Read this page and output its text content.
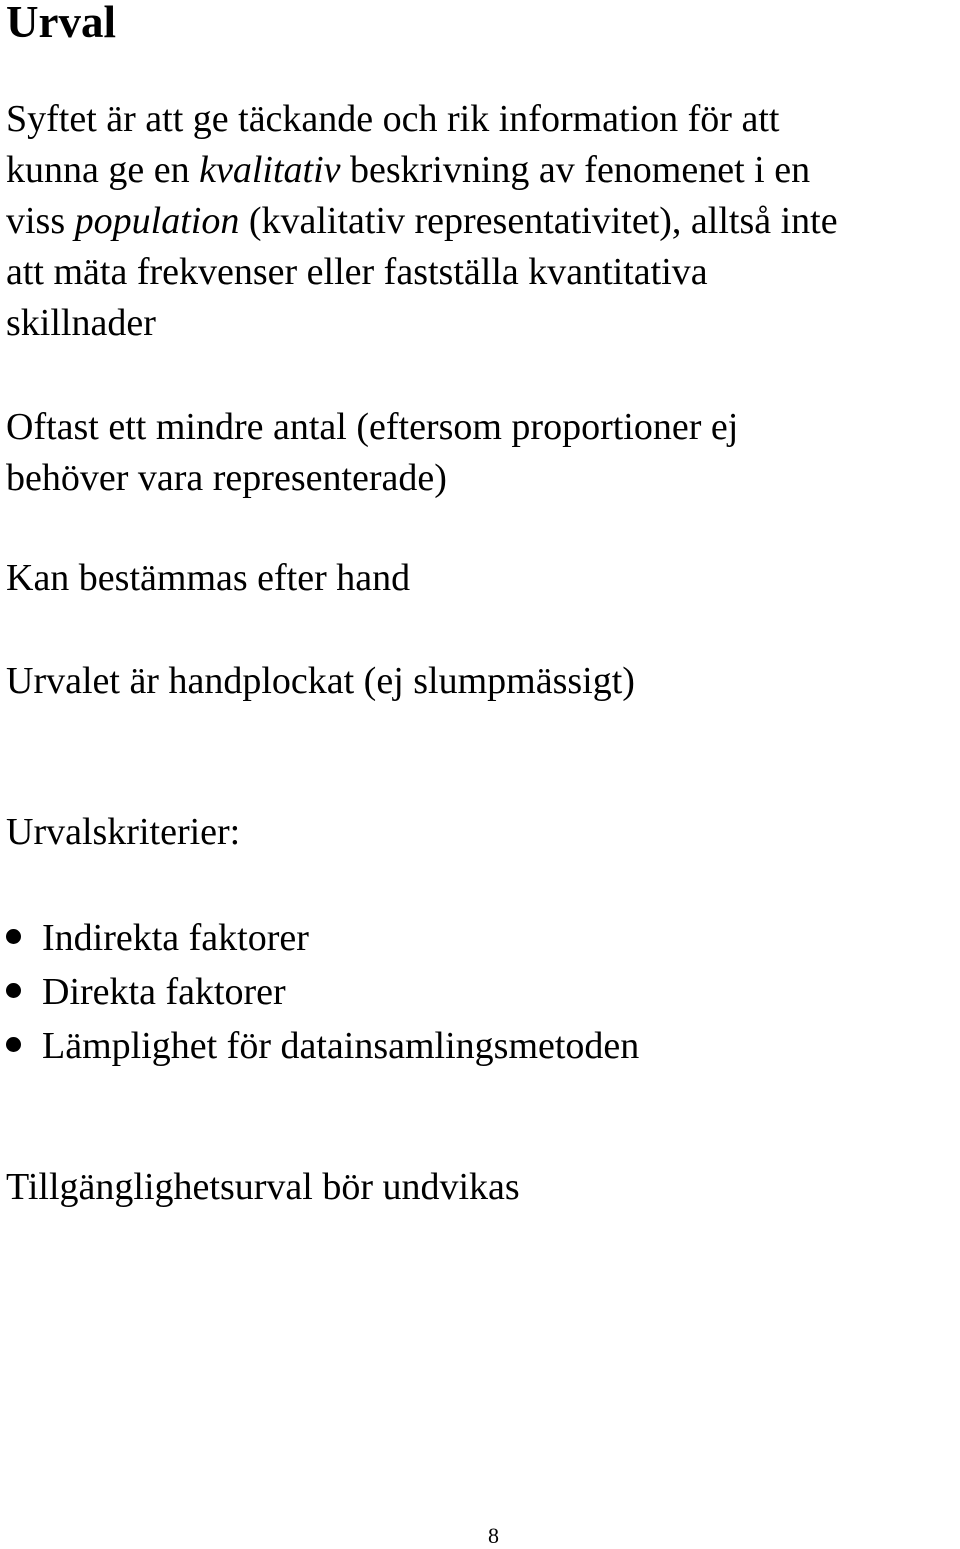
Urval

Syftet är att ge täckande och rik information för att
kunna ge en kvalitativ beskrivning av fenomenet i en
viss population (kvalitativ representativitet), alltså inte
att mäta frekvenser eller fastställa kvantitativa
skillnader

Oftast ett mindre antal (eftersom proportioner ej
behöver vara representerade)

Kan bestämmas efter hand

Urvalet är handplockat (ej slumpmässigt)

Urvalskriterier:

Indirekta faktorer
Direkta faktorer
Lämplighet för datainsamlingsmetoden

Tillgänglighetsurval bör undvikas

8
